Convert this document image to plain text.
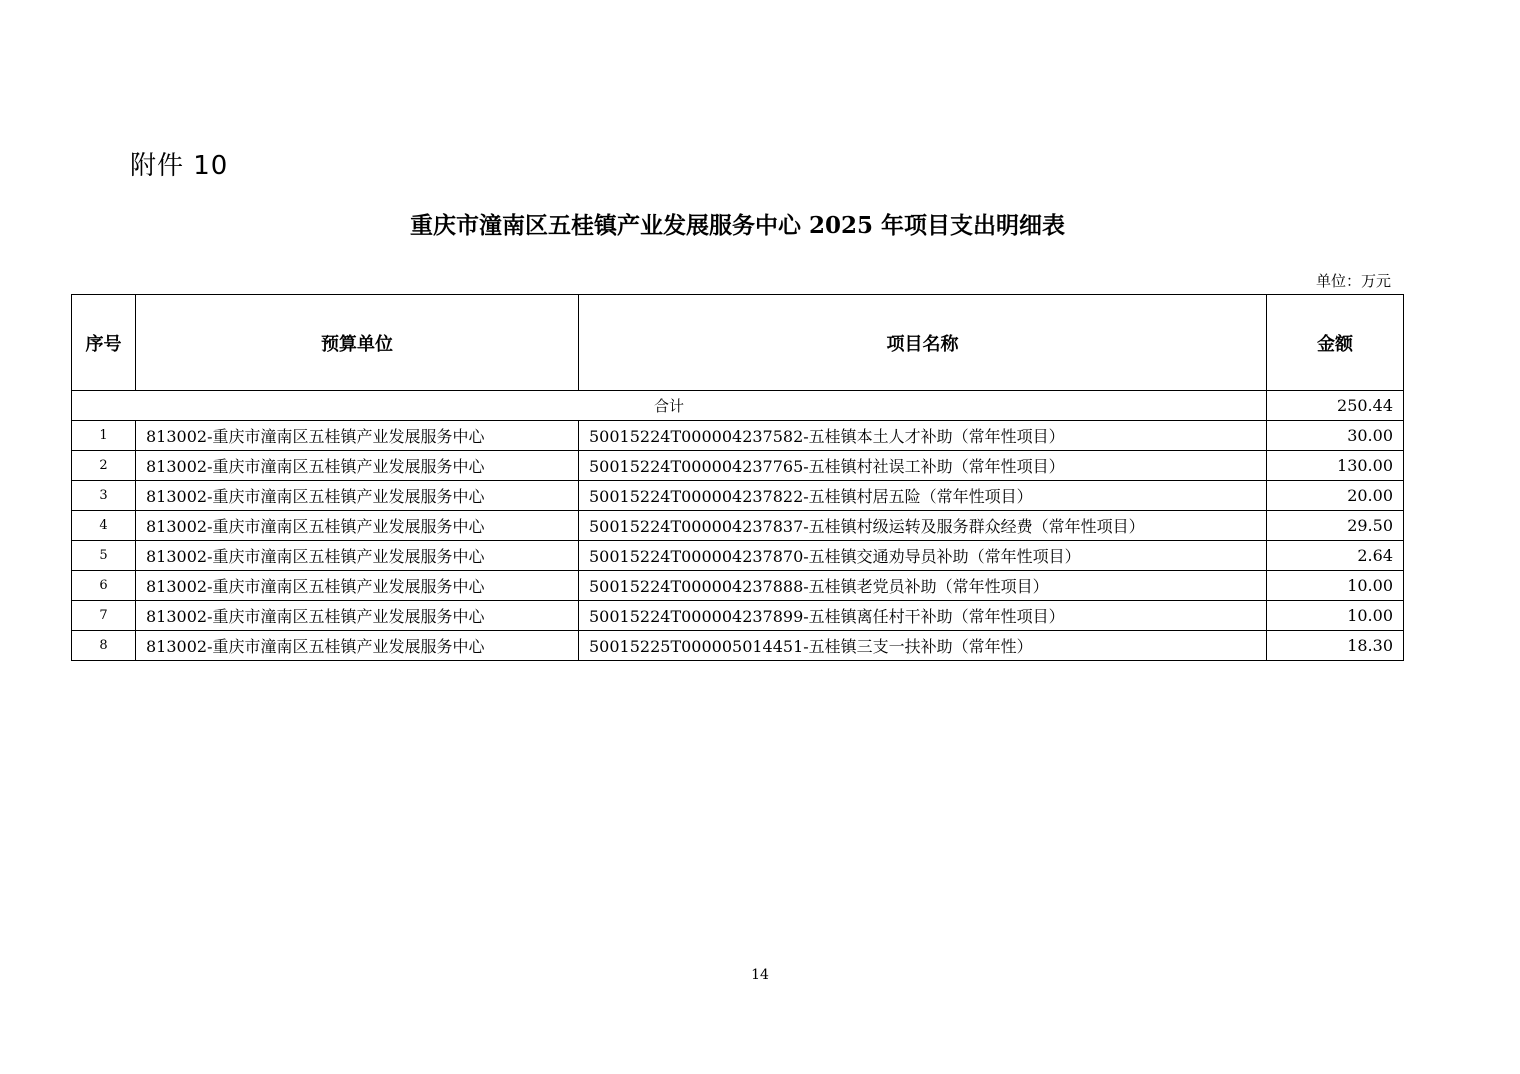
附件 10
重庆市潼南区五桂镇产业发展服务中心 2025 年项目支出明细表
单位：万元
序号	预算单位	项目名称	金额
合计			250.44
1	813002-重庆市潼南区五桂镇产业发展服务中心	50015224T000004237582-五桂镇本土人才补助（常年性项目）	30.00
2	813002-重庆市潼南区五桂镇产业发展服务中心	50015224T000004237765-五桂镇村社误工补助（常年性项目）	130.00
3	813002-重庆市潼南区五桂镇产业发展服务中心	50015224T000004237822-五桂镇村居五险（常年性项目）	20.00
4	813002-重庆市潼南区五桂镇产业发展服务中心	50015224T000004237837-五桂镇村级运转及服务群众经费（常年性项目）	29.50
5	813002-重庆市潼南区五桂镇产业发展服务中心	50015224T000004237870-五桂镇交通劝导员补助（常年性项目）	2.64
6	813002-重庆市潼南区五桂镇产业发展服务中心	50015224T000004237888-五桂镇老党员补助（常年性项目）	10.00
7	813002-重庆市潼南区五桂镇产业发展服务中心	50015224T000004237899-五桂镇离任村干补助（常年性项目）	10.00
8	813002-重庆市潼南区五桂镇产业发展服务中心	50015225T000005014451-五桂镇三支一扶补助（常年性）	18.30
14
